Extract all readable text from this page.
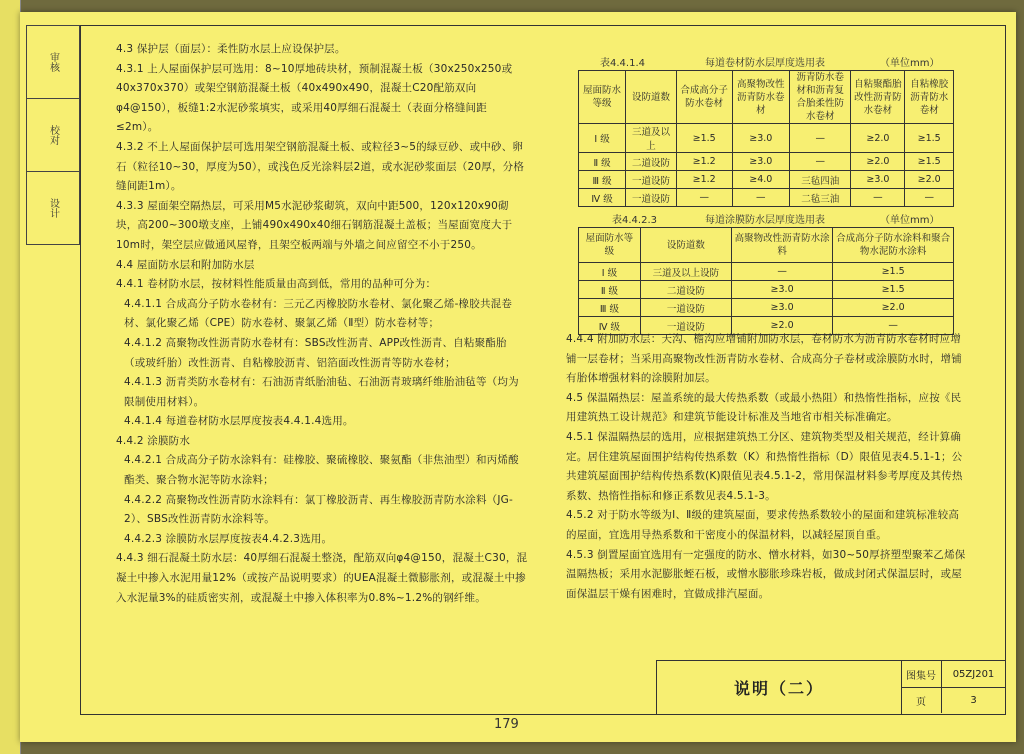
审核
校对
设计

4.3 保护层（面层）：柔性防水层上应设保护层。

4.3.1 上人屋面保护层可选用：8~10厚地砖块材，预制混凝土板（30x250x250或40x370x370）或架空钢筋混凝土板（40x490x490，混凝土C20配筋双向φ4@150），板缝1:2水泥砂浆填实，或采用40厚细石混凝土（表面分格缝间距≤2m）。

4.3.2 不上人屋面保护层可选用架空钢筋混凝土板、或粒径3~5的绿豆砂、或中砂、卵石（粒径10~30，厚度为50），或浅色反光涂料层2道，或水泥砂浆面层（20厚，分格缝间距1m）。

4.3.3 屋面架空隔热层，可采用M5水泥砂浆砌筑，双向中距500，120x120x90砌块，高200~300墩支座，上铺490x490x40细石钢筋混凝土盖板；当屋面宽度大于10m时，架空层应做通风屋脊，且架空板两端与外墙之间应留空不小于250。

4.4 屋面防水层和附加防水层

4.4.1 卷材防水层，按材料性能质量由高到低，常用的品种可分为：

4.4.1.1 合成高分子防水卷材有：三元乙丙橡胶防水卷材、氯化聚乙烯-橡胶共混卷材、氯化聚乙烯（CPE）防水卷材、聚氯乙烯（Ⅱ型）防水卷材等；

4.4.1.2 高聚物改性沥青防水卷材有：SBS改性沥青、APP改性沥青、自粘聚酯胎（或玻纤胎）改性沥青、自粘橡胶沥青、铝箔面改性沥青等防水卷材；

4.4.1.3 沥青类防水卷材有：石油沥青纸胎油毡、石油沥青玻璃纤维胎油毡等（均为限制使用材料）。

4.4.1.4 每道卷材防水层厚度按表4.4.1.4选用。

4.4.2 涂膜防水

4.4.2.1 合成高分子防水涂料有：硅橡胶、聚硫橡胶、聚氨酯（非焦油型）和丙烯酸酯类、聚合物水泥等防水涂料；

4.4.2.2 高聚物改性沥青防水涂料有：氯丁橡胶沥青、再生橡胶沥青防水涂料（JG-2）、SBS改性沥青防水涂料等。

4.4.2.3 涂膜防水层厚度按表4.4.2.3选用。

4.4.3 细石混凝土防水层：40厚细石混凝土整浇，配筋双向φ4@150，混凝土C30，混凝土中掺入水泥用量12%（或按产品说明要求）的UEA混凝土微膨胀剂，或混凝土中掺入水泥量3%的硅质密实剂，或混凝土中掺入体积率为0.8%~1.2%的钢纤维。

表4.4.1.4	每道卷材防水层厚度选用表	（单位mm）
屋面防水等级	设防道数	合成高分子防水卷材	高聚物改性沥青防水卷材	沥青防水卷材和沥青复合胎柔性防水卷材	自粘聚酯胎改性沥青防水卷材	自粘橡胶沥青防水卷材
Ⅰ 级	三道及以上	≥1.5	≥3.0	—	≥2.0	≥1.5
Ⅱ 级	二道设防	≥1.2	≥3.0	—	≥2.0	≥1.5
Ⅲ 级	一道设防	≥1.2	≥4.0	三毡四油	≥3.0	≥2.0
Ⅳ 级	一道设防	—	—	二毡三油	—	—
表4.4.2.3	每道涂膜防水层厚度选用表	（单位mm）
屋面防水等级	设防道数	高聚物改性沥青防水涂料	合成高分子防水涂料和聚合物水泥防水涂料
Ⅰ 级	三道及以上设防	—	≥1.5
Ⅱ 级	二道设防	≥3.0	≥1.5
Ⅲ 级	一道设防	≥3.0	≥2.0
Ⅳ 级	一道设防	≥2.0	—

4.4.4 附加防水层：天沟、檐沟应增铺附加防水层，卷材防水为沥青防水卷材时应增铺一层卷材；当采用高聚物改性沥青防水卷材、合成高分子卷材或涂膜防水时，增铺有胎体增强材料的涂膜附加层。

4.5 保温隔热层：屋盖系统的最大传热系数（或最小热阻）和热惰性指标，应按《民用建筑热工设计规范》和建筑节能设计标准及当地省市相关标准确定。

4.5.1 保温隔热层的选用，应根据建筑热工分区、建筑物类型及相关规范，经计算确定。居住建筑屋面围护结构传热系数（K）和热惰性指标（D）限值见表4.5.1-1；公共建筑屋面围护结构传热系数(K)限值见表4.5.1-2，常用保温材料参考厚度及其传热系数、热惰性指标和修正系数见表4.5.1-3。

4.5.2 对于防水等级为Ⅰ、Ⅱ级的建筑屋面，要求传热系数较小的屋面和建筑标准较高的屋面，宜选用导热系数和干密度小的保温材料，以减轻屋顶自重。

4.5.3 倒置屋面宜选用有一定强度的防水、憎水材料，如30~50厚挤塑型聚苯乙烯保温隔热板；采用水泥膨胀蛭石板，或憎水膨胀珍珠岩板，做成封闭式保温层时，或屋面保温层干燥有困难时，宜做成排汽屋面。

说明（二）
图集号	05ZJ201
页	3
179
